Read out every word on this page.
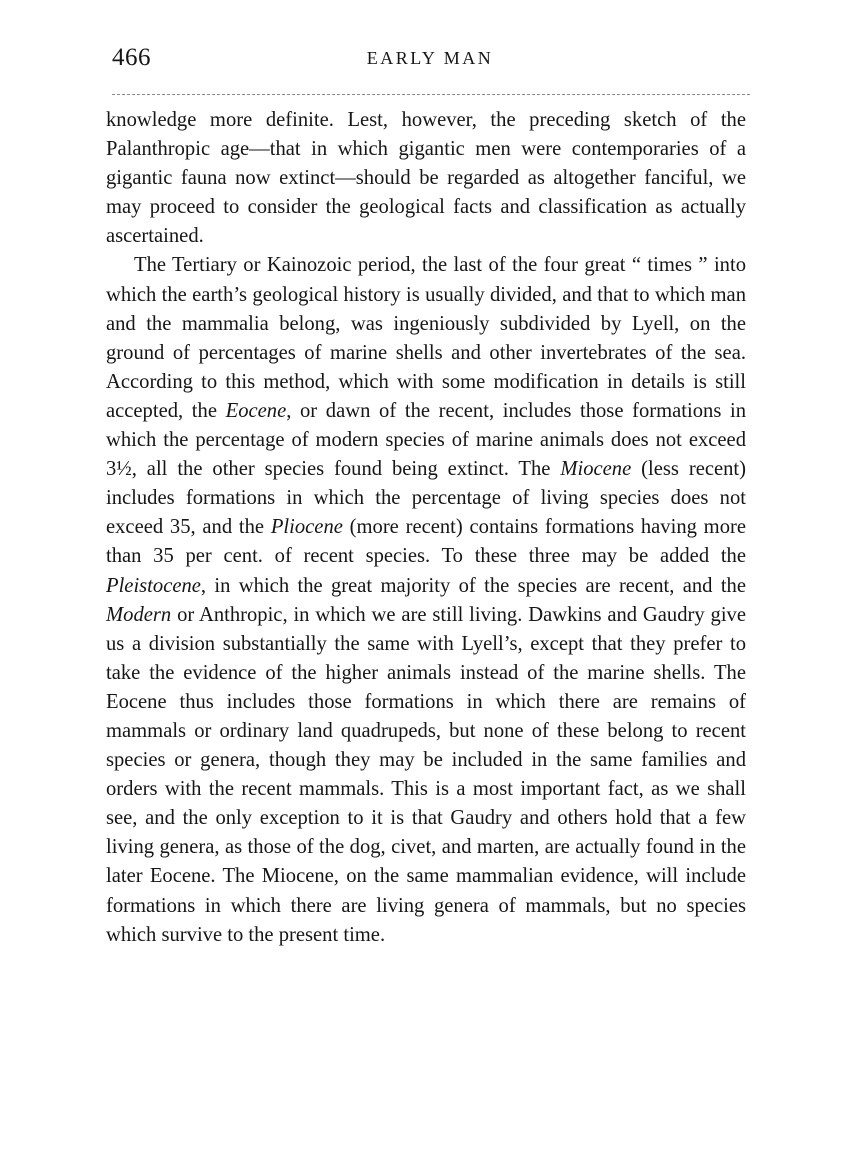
466	EARLY MAN

knowledge more definite. Lest, however, the preceding sketch of the Palanthropic age—that in which gigantic men were contemporaries of a gigantic fauna now extinct—should be regarded as altogether fanciful, we may proceed to consider the geological facts and classification as actually ascertained.

The Tertiary or Kainozoic period, the last of the four great “ times ” into which the earth’s geological history is usually divided, and that to which man and the mammalia belong, was ingeniously subdivided by Lyell, on the ground of percentages of marine shells and other invertebrates of the sea. According to this method, which with some modification in details is still accepted, the Eocene, or dawn of the recent, includes those formations in which the percentage of modern species of marine animals does not exceed 3½, all the other species found being extinct. The Miocene (less recent) includes formations in which the percentage of living species does not exceed 35, and the Pliocene (more recent) contains formations having more than 35 per cent. of recent species. To these three may be added the Pleistocene, in which the great majority of the species are recent, and the Modern or Anthropic, in which we are still living. Dawkins and Gaudry give us a division substantially the same with Lyell’s, except that they prefer to take the evidence of the higher animals instead of the marine shells. The Eocene thus includes those formations in which there are remains of mammals or ordinary land quadrupeds, but none of these belong to recent species or genera, though they may be included in the same families and orders with the recent mammals. This is a most important fact, as we shall see, and the only exception to it is that Gaudry and others hold that a few living genera, as those of the dog, civet, and marten, are actually found in the later Eocene. The Miocene, on the same mammalian evidence, will include formations in which there are living genera of mammals, but no species which survive to the present time.
